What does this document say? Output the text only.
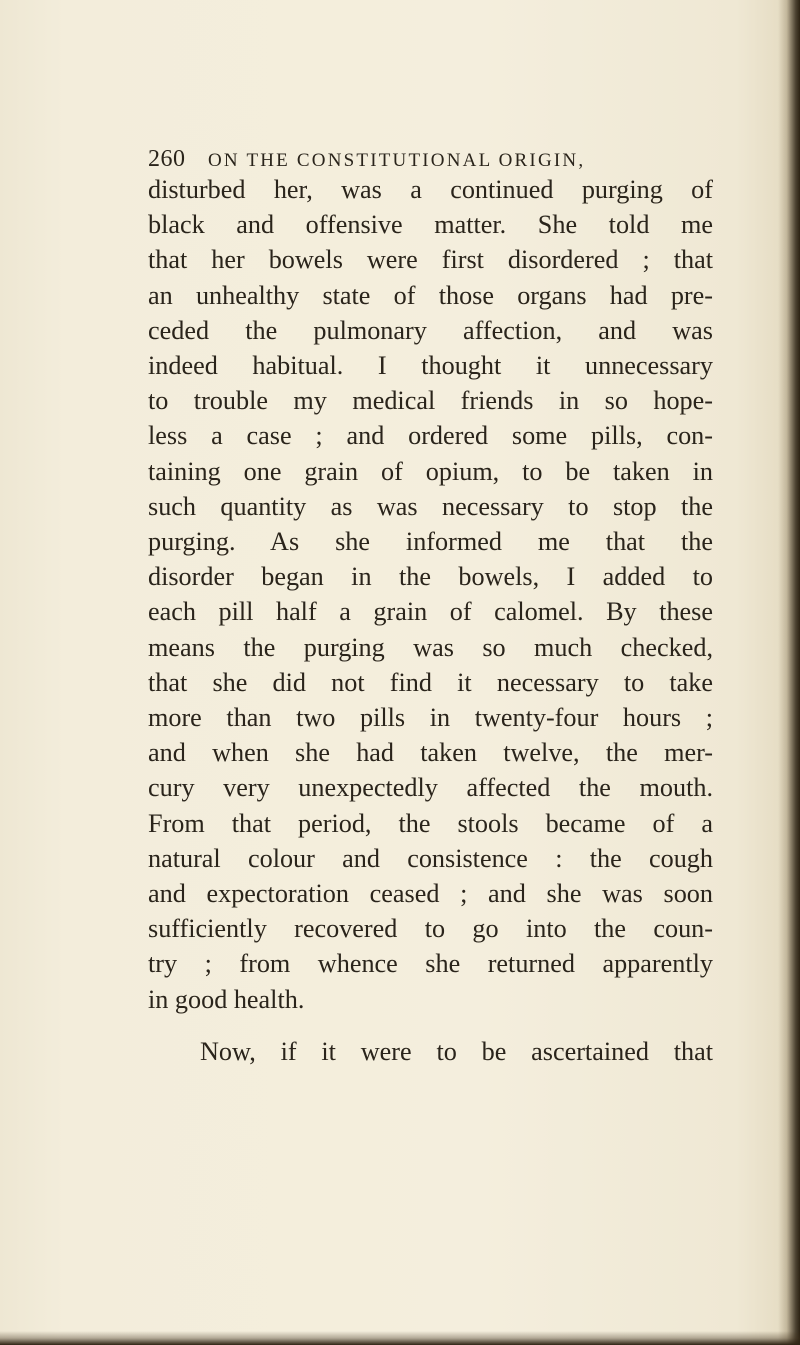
260	ON THE CONSTITUTIONAL ORIGIN,
disturbed her, was a continued purging of
black and offensive matter. She told me
that her bowels were first disordered ; that
an unhealthy state of those organs had pre-
ceded the pulmonary affection, and was
indeed habitual. I thought it unnecessary
to trouble my medical friends in so hope-
less a case ; and ordered some pills, con-
taining one grain of opium, to be taken in
such quantity as was necessary to stop the
purging. As she informed me that the
disorder began in the bowels, I added to
each pill half a grain of calomel. By these
means the purging was so much checked,
that she did not find it necessary to take
more than two pills in twenty-four hours ;
and when she had taken twelve, the mer-
cury very unexpectedly affected the mouth.
From that period, the stools became of a
natural colour and consistence : the cough
and expectoration ceased ; and she was soon
sufficiently recovered to go into the coun-
try ; from whence she returned apparently
in good health.
Now, if it were to be ascertained that
